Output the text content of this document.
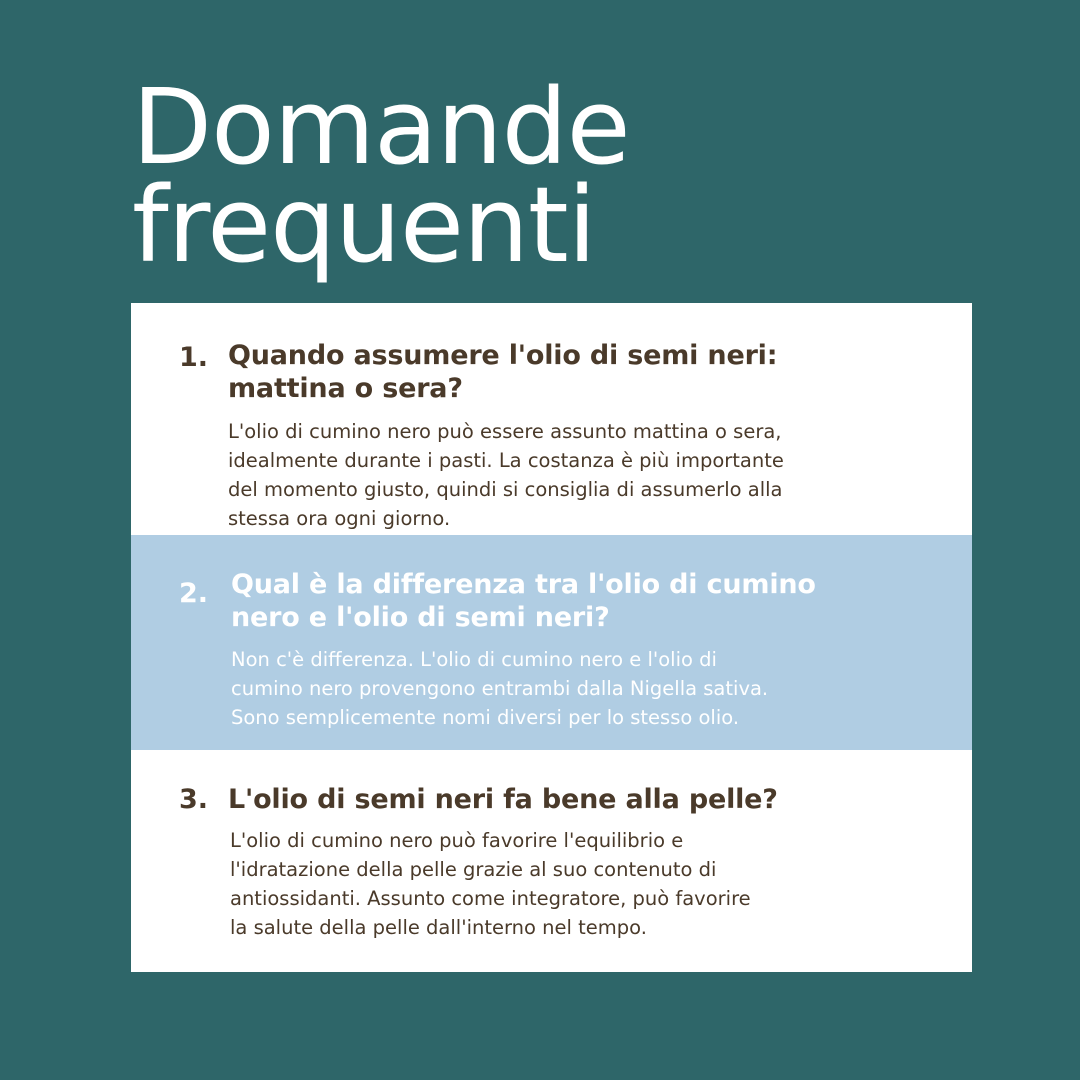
Domande
frequenti
1. Quando assumere l'olio di semi neri:
mattina o sera?

L'olio di cumino nero può essere assunto mattina o sera,
idealmente durante i pasti. La costanza è più importante
del momento giusto, quindi si consiglia di assumerlo alla
stessa ora ogni giorno.

2. Qual è la differenza tra l'olio di cumino
nero e l'olio di semi neri?

Non c'è differenza. L'olio di cumino nero e l'olio di
cumino nero provengono entrambi dalla Nigella sativa.
Sono semplicemente nomi diversi per lo stesso olio.

3. L'olio di semi neri fa bene alla pelle?

L'olio di cumino nero può favorire l'equilibrio e
l'idratazione della pelle grazie al suo contenuto di
antiossidanti. Assunto come integratore, può favorire
la salute della pelle dall'interno nel tempo.
